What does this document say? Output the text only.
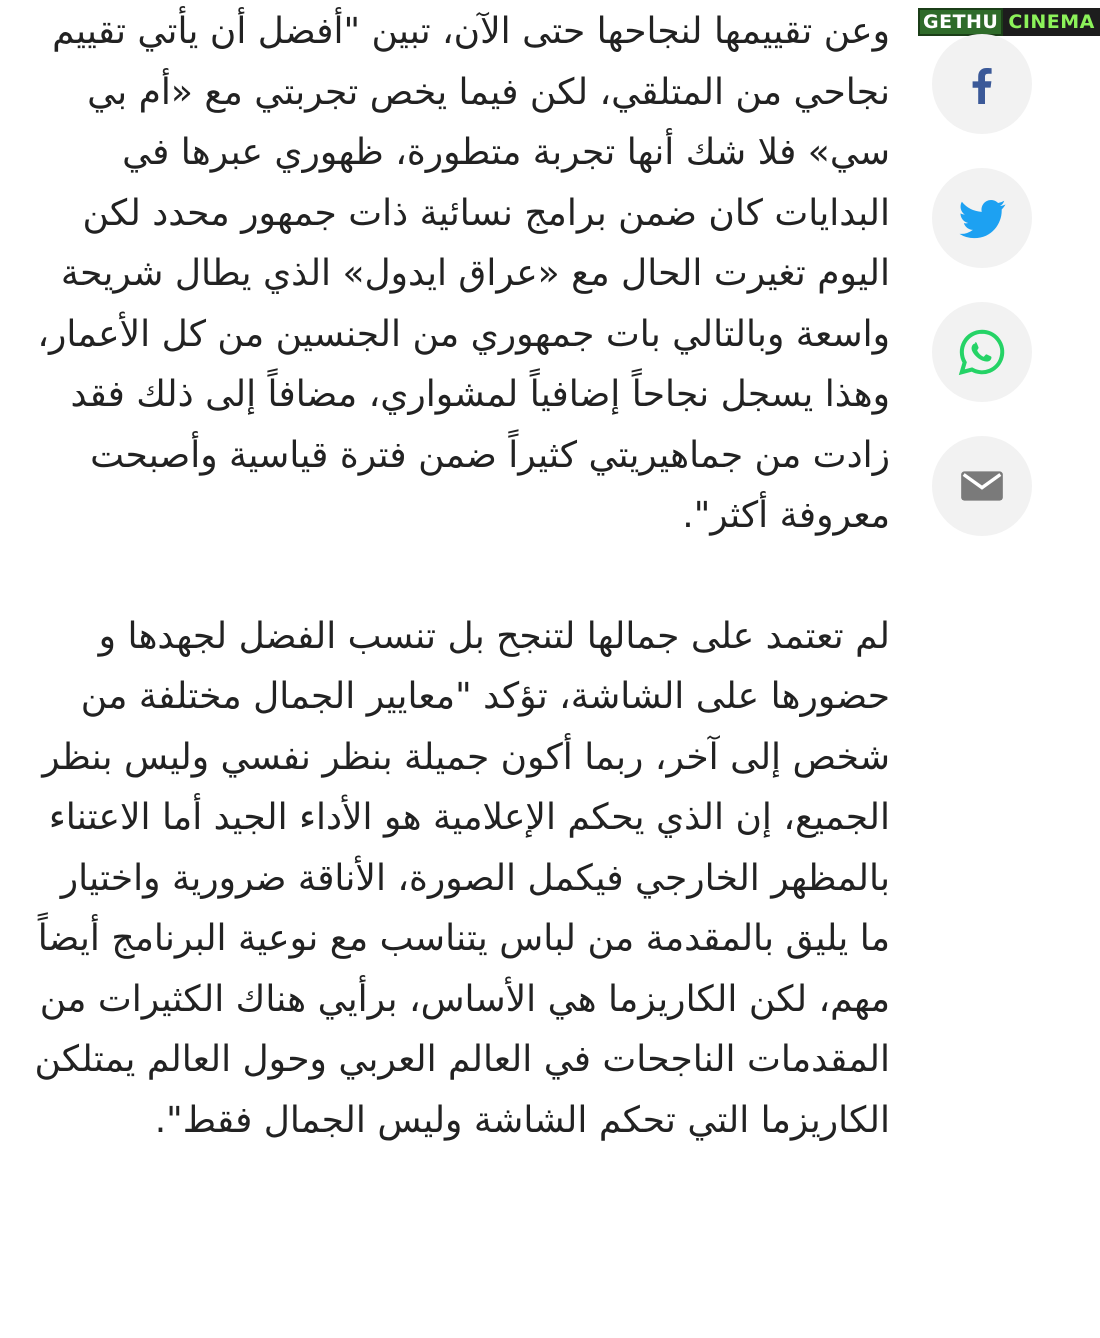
GETHU CINEMA

وعن تقييمها لنجاحها حتى الآن، تبين "أفضل أن يأتي تقييم نجاحي من المتلقي، لكن فيما يخص تجربتي مع «أم بي سي» فلا شك أنها تجربة متطورة، ظهوري عبرها في البدايات كان ضمن برامج نسائية ذات جمهور محدد لكن اليوم تغيرت الحال مع «عراق ايدول» الذي يطال شريحة واسعة وبالتالي بات جمهوري من الجنسين من كل الأعمار، وهذا يسجل نجاحاً إضافياً لمشواري، مضافاً إلى ذلك فقد زادت من جماهيريتي كثيراً ضمن فترة قياسية وأصبحت معروفة أكثر".

لم تعتمد على جمالها لتنجح بل تنسب الفضل لجهدها و حضورها على الشاشة، تؤكد "معايير الجمال مختلفة من شخص إلى آخر، ربما أكون جميلة بنظر نفسي وليس بنظر الجميع، إن الذي يحكم الإعلامية هو الأداء الجيد أما الاعتناء بالمظهر الخارجي فيكمل الصورة، الأناقة ضرورية واختيار ما يليق بالمقدمة من لباس يتناسب مع نوعية البرنامج أيضاً مهم، لكن الكاريزما هي الأساس، برأيي هناك الكثيرات من المقدمات الناجحات في العالم العربي وحول العالم يمتلكن الكاريزما التي تحكم الشاشة وليس الجمال فقط".
